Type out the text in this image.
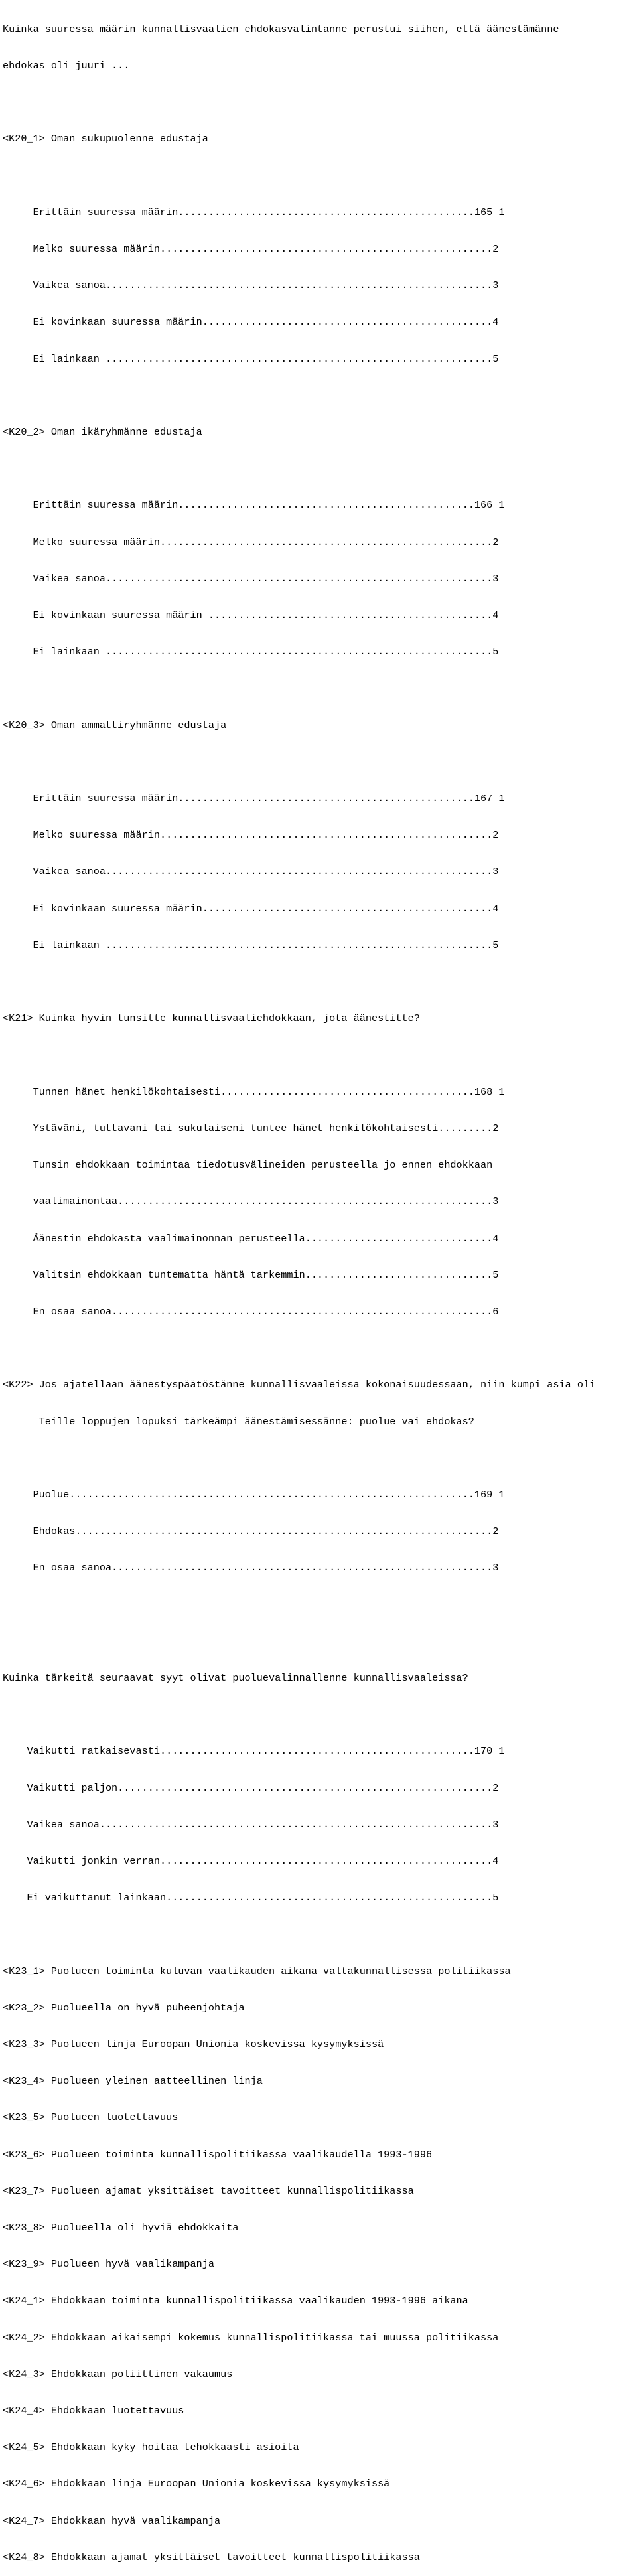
Kuinka suuressa määrin kunnallisvaalien ehdokasvalintanne perustui siihen, että äänestämänne

ehdokas oli juuri ...

<K20_1> Oman sukupuolenne edustaja

Erittäin suuressa määrin.................................................165 1

Melko suuressa määrin.......................................................2

Vaikea sanoa................................................................3

Ei kovinkaan suuressa määrin................................................4

Ei lainkaan ................................................................5

<K20_2> Oman ikäryhmänne edustaja

Erittäin suuressa määrin.................................................166 1

Melko suuressa määrin.......................................................2

Vaikea sanoa................................................................3

Ei kovinkaan suuressa määrin ...............................................4

Ei lainkaan ................................................................5

<K20_3> Oman ammattiryhmänne edustaja

Erittäin suuressa määrin.................................................167 1

Melko suuressa määrin.......................................................2

Vaikea sanoa................................................................3

Ei kovinkaan suuressa määrin................................................4

Ei lainkaan ................................................................5

<K21> Kuinka hyvin tunsitte kunnallisvaaliehdokkaan, jota äänestitte?

Tunnen hänet henkilökohtaisesti..........................................168 1

Ystäväni, tuttavani tai sukulaiseni tuntee hänet henkilökohtaisesti.........2

Tunsin ehdokkaan toimintaa tiedotusvälineiden perusteella jo ennen ehdokkaan

vaalimainontaa..............................................................3

Äänestin ehdokasta vaalimainonnan perusteella...............................4

Valitsin ehdokkaan tuntematta häntä tarkemmin...............................5

En osaa sanoa...............................................................6

<K22> Jos ajatellaan äänestyspäätöstänne kunnallisvaaleissa kokonaisuudessaan, niin kumpi asia oli

Teille loppujen lopuksi tärkeämpi äänestämisessänne: puolue vai ehdokas?

Puolue...................................................................169 1

Ehdokas.....................................................................2

En osaa sanoa...............................................................3

Kuinka tärkeitä seuraavat syyt olivat puoluevalinnallenne kunnallisvaaleissa?

Vaikutti ratkaisevasti....................................................170 1

Vaikutti paljon..............................................................2

Vaikea sanoa.................................................................3

Vaikutti jonkin verran.......................................................4

Ei vaikuttanut lainkaan......................................................5

<K23_1> Puolueen toiminta kuluvan vaalikauden aikana valtakunnallisessa politiikassa

<K23_2> Puolueella on hyvä puheenjohtaja

<K23_3> Puolueen linja Euroopan Unionia koskevissa kysymyksissä

<K23_4> Puolueen yleinen aatteellinen linja

<K23_5> Puolueen luotettavuus

<K23_6> Puolueen toiminta kunnallispolitiikassa vaalikaudella 1993-1996

<K23_7> Puolueen ajamat yksittäiset tavoitteet kunnallispolitiikassa

<K23_8> Puolueella oli hyviä ehdokkaita

<K23_9> Puolueen hyvä vaalikampanja

<K24_1> Ehdokkaan toiminta kunnallispolitiikassa vaalikauden 1993-1996 aikana

<K24_2> Ehdokkaan aikaisempi kokemus kunnallispolitiikassa tai muussa politiikassa

<K24_3> Ehdokkaan poliittinen vakaumus

<K24_4> Ehdokkaan luotettavuus

<K24_5> Ehdokkaan kyky hoitaa tehokkaasti asioita

<K24_6> Ehdokkaan linja Euroopan Unionia koskevissa kysymyksissä

<K24_7> Ehdokkaan hyvä vaalikampanja

<K24_8> Ehdokkaan ajamat yksittäiset tavoitteet kunnallispolitiikassa
